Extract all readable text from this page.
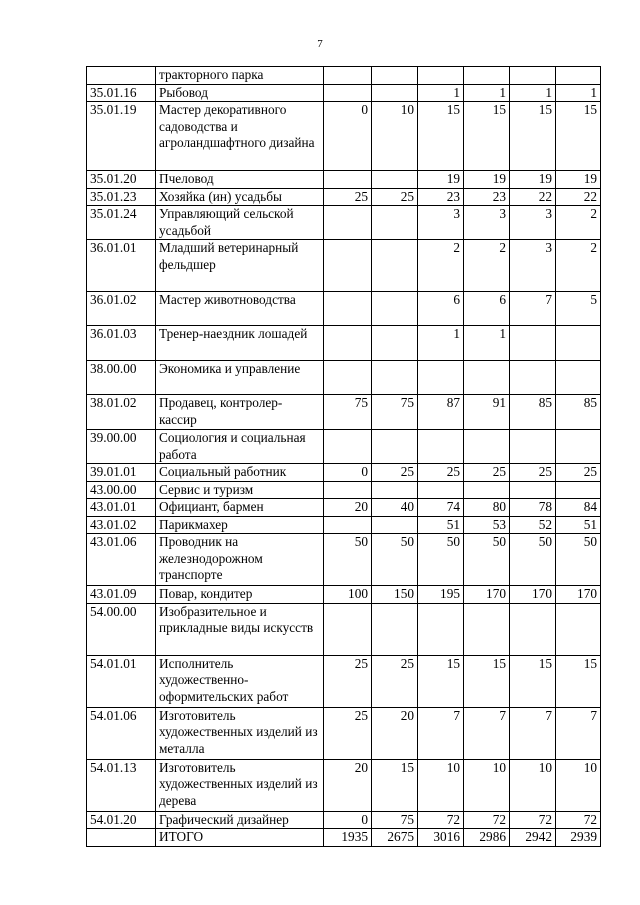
7
	тракторного парка						
35.01.16	Рыбовод			1	1	1	1
35.01.19	Мастер декоративного садоводства и агроландшафтного дизайна	0	10	15	15	15	15
35.01.20	Пчеловод			19	19	19	19
35.01.23	Хозяйка (ин) усадьбы	25	25	23	23	22	22
35.01.24	Управляющий сельской усадьбой			3	3	3	2
36.01.01	Младший ветеринарный фельдшер			2	2	3	2
36.01.02	Мастер животноводства			6	6	7	5
36.01.03	Тренер-наездник лошадей			1	1		
38.00.00	Экономика и управление						
38.01.02	Продавец, контролер-кассир	75	75	87	91	85	85
39.00.00	Социология и социальная работа						
39.01.01	Социальный работник	0	25	25	25	25	25
43.00.00	Сервис и туризм						
43.01.01	Официант, бармен	20	40	74	80	78	84
43.01.02	Парикмахер			51	53	52	51
43.01.06	Проводник на железнодорожном транспорте	50	50	50	50	50	50
43.01.09	Повар, кондитер	100	150	195	170	170	170
54.00.00	Изобразительное и прикладные виды искусств						
54.01.01	Исполнитель художественно-оформительских работ	25	25	15	15	15	15
54.01.06	Изготовитель художественных изделий из металла	25	20	7	7	7	7
54.01.13	Изготовитель художественных изделий из дерева	20	15	10	10	10	10
54.01.20	Графический дизайнер	0	75	72	72	72	72
	ИТОГО	1935	2675	3016	2986	2942	2939
